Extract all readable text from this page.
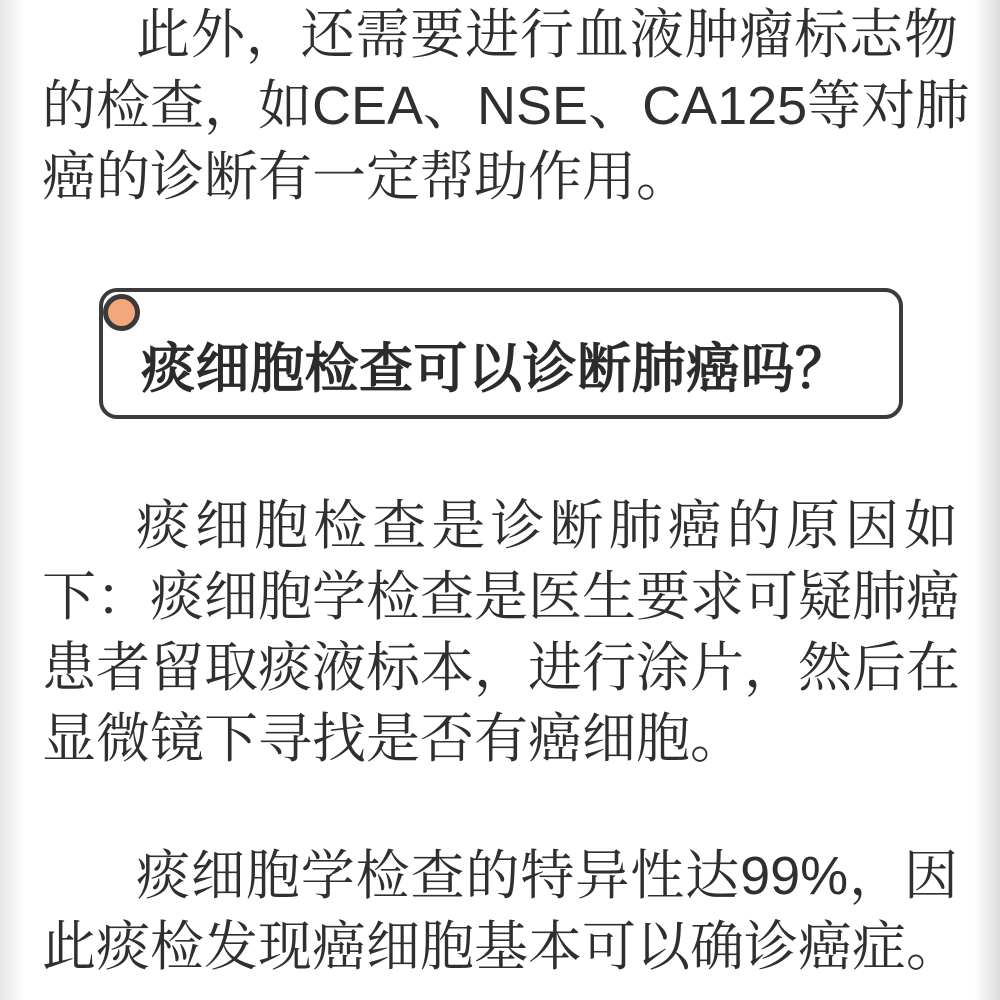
此外，还需要进行血液肿瘤标志物
的检查，如CEA、NSE、CA125等对肺
癌的诊断有一定帮助作用。

痰细胞检查可以诊断肺癌吗？

痰细胞检查是诊断肺癌的原因如
下：痰细胞学检查是医生要求可疑肺癌
患者留取痰液标本，进行涂片，然后在
显微镜下寻找是否有癌细胞。

痰细胞学检查的特异性达99%，因
此痰检发现癌细胞基本可以确诊癌症。
